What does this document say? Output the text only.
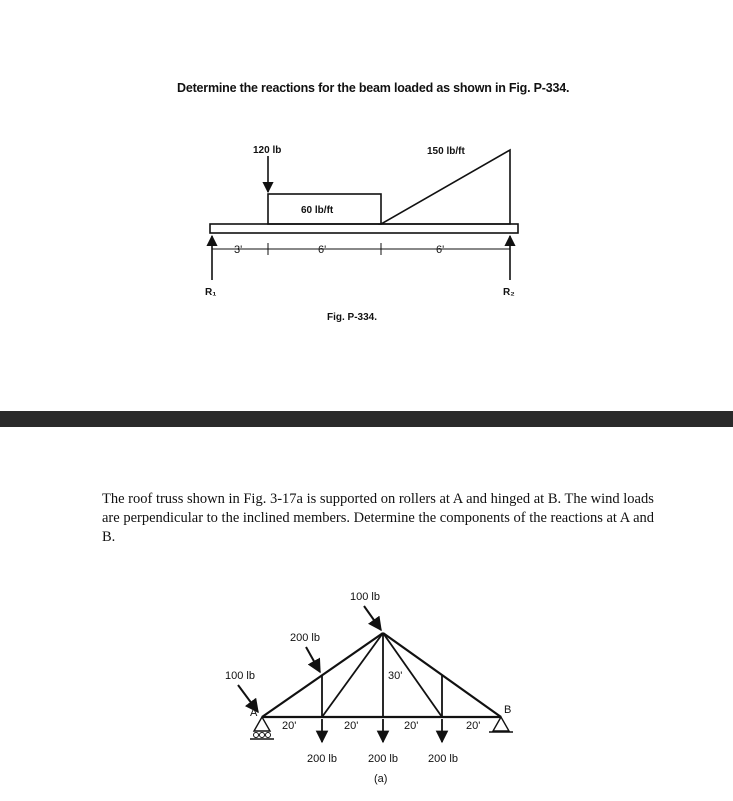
Determine the reactions for the beam loaded as shown in Fig. P-334.
120 lb
60 lb/ft
150 lb/ft
3'	6'	6'
R₁	R₂
Fig. P-334.
100 lb
200 lb
100 lb
A	B
30'
20'	20'	20'	20'
200 lb	200 lb	200 lb
(a)
The roof truss shown in Fig. 3-17a is supported on rollers at A and hinged at B. The wind loads are perpendicular to the inclined members. Determine the components of the reactions at A and B.
